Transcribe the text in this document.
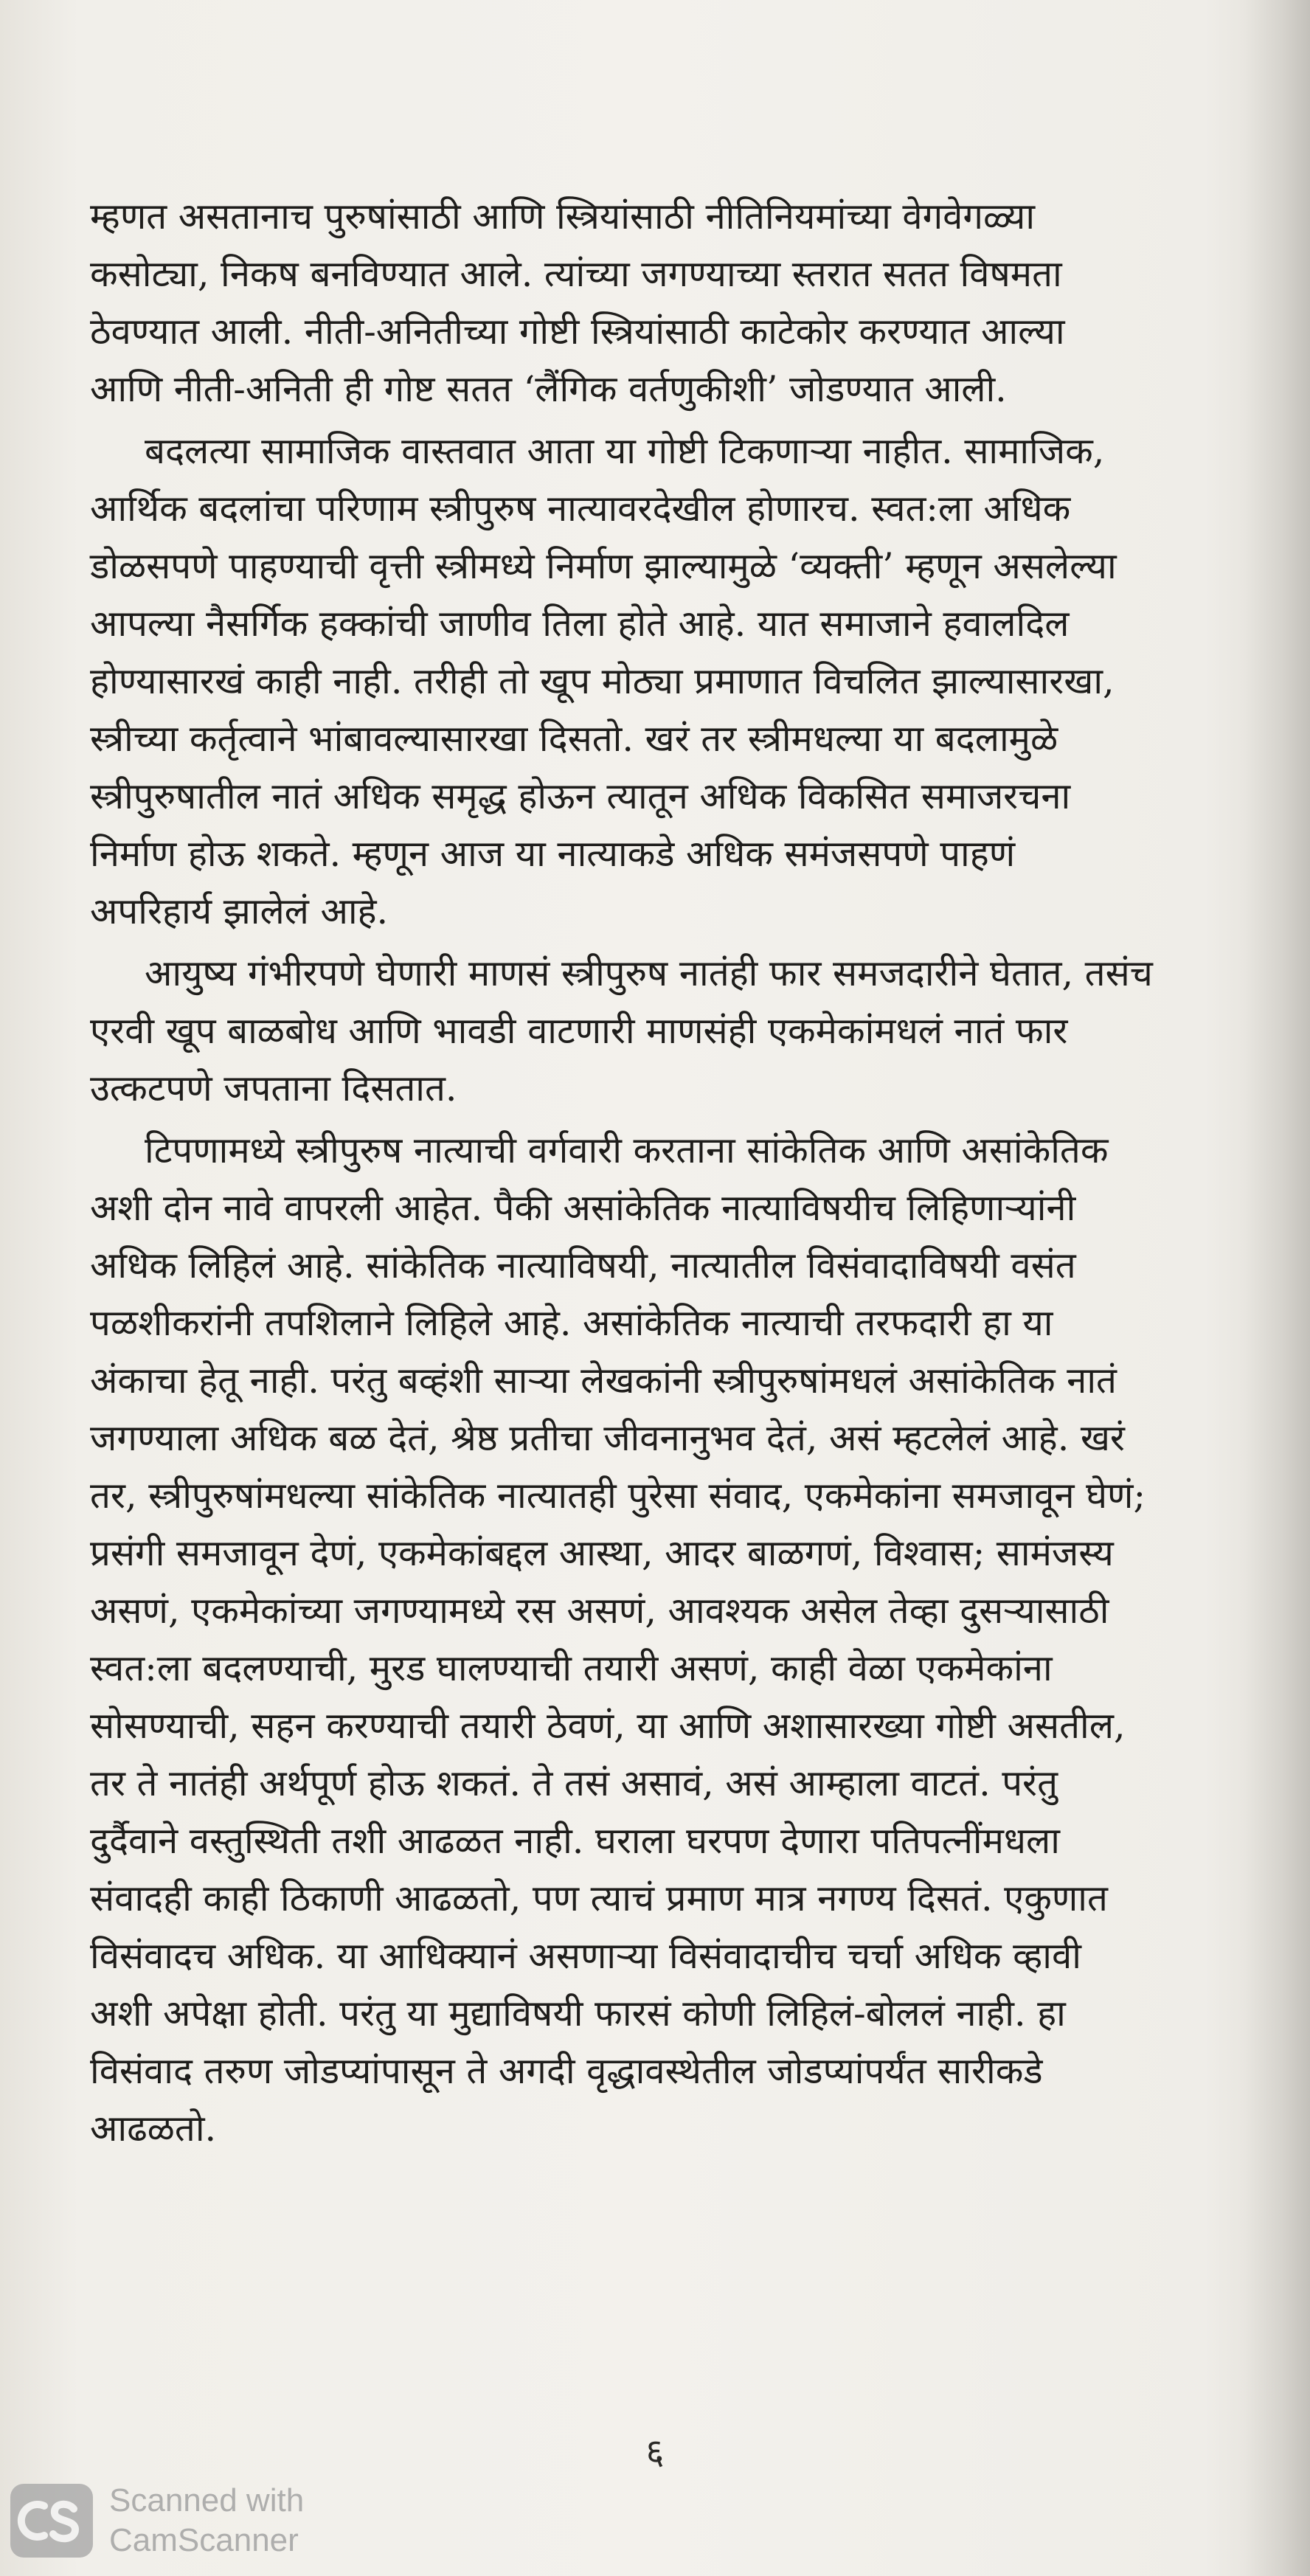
म्हणत असतानाच पुरुषांसाठी आणि स्त्रियांसाठी नीतिनियमांच्या वेगवेगळ्या
कसोट्या, निकष बनविण्यात आले. त्यांच्या जगण्याच्या स्तरात सतत विषमता
ठेवण्यात आली. नीती-अनितीच्या गोष्टी स्त्रियांसाठी काटेकोर करण्यात आल्या
आणि नीती-अनिती ही गोष्ट सतत ‘लैंगिक वर्तणुकीशी’ जोडण्यात आली.
बदलत्या सामाजिक वास्तवात आता या गोष्टी टिकणाऱ्या नाहीत. सामाजिक,
आर्थिक बदलांचा परिणाम स्त्रीपुरुष नात्यावरदेखील होणारच. स्वत:ला अधिक
डोळसपणे पाहण्याची वृत्ती स्त्रीमध्ये निर्माण झाल्यामुळे ‘व्यक्ती’ म्हणून असलेल्या
आपल्या नैसर्गिक हक्कांची जाणीव तिला होते आहे. यात समाजाने हवालदिल
होण्यासारखं काही नाही. तरीही तो खूप मोठ्या प्रमाणात विचलित झाल्यासारखा,
स्त्रीच्या कर्तृत्वाने भांबावल्यासारखा दिसतो. खरं तर स्त्रीमधल्या या बदलामुळे
स्त्रीपुरुषातील नातं अधिक समृद्ध होऊन त्यातून अधिक विकसित समाजरचना
निर्माण होऊ शकते. म्हणून आज या नात्याकडे अधिक समंजसपणे पाहणं
अपरिहार्य झालेलं आहे.
आयुष्य गंभीरपणे घेणारी माणसं स्त्रीपुरुष नातंही फार समजदारीने घेतात, तसंच
एरवी खूप बाळबोध आणि भावडी वाटणारी माणसंही एकमेकांमधलं नातं फार
उत्कटपणे जपताना दिसतात.
टिपणामध्ये स्त्रीपुरुष नात्याची वर्गवारी करताना सांकेतिक आणि असांकेतिक
अशी दोन नावे वापरली आहेत. पैकी असांकेतिक नात्याविषयीच लिहिणाऱ्यांनी
अधिक लिहिलं आहे. सांकेतिक नात्याविषयी, नात्यातील विसंवादाविषयी वसंत
पळशीकरांनी तपशिलाने लिहिले आहे. असांकेतिक नात्याची तरफदारी हा या
अंकाचा हेतू नाही. परंतु बव्हंशी साऱ्या लेखकांनी स्त्रीपुरुषांमधलं असांकेतिक नातं
जगण्याला अधिक बळ देतं, श्रेष्ठ प्रतीचा जीवनानुभव देतं, असं म्हटलेलं आहे. खरं
तर, स्त्रीपुरुषांमधल्या सांकेतिक नात्यातही पुरेसा संवाद, एकमेकांना समजावून घेणं;
प्रसंगी समजावून देणं, एकमेकांबद्दल आस्था, आदर बाळगणं, विश्वास; सामंजस्य
असणं, एकमेकांच्या जगण्यामध्ये रस असणं, आवश्यक असेल तेव्हा दुसऱ्यासाठी
स्वत:ला बदलण्याची, मुरड घालण्याची तयारी असणं, काही वेळा एकमेकांना
सोसण्याची, सहन करण्याची तयारी ठेवणं, या आणि अशासारख्या गोष्टी असतील,
तर ते नातंही अर्थपूर्ण होऊ शकतं. ते तसं असावं, असं आम्हाला वाटतं. परंतु
दुर्दैवाने वस्तुस्थिती तशी आढळत नाही. घराला घरपण देणारा पतिपत्नींमधला
संवादही काही ठिकाणी आढळतो, पण त्याचं प्रमाण मात्र नगण्य दिसतं. एकुणात
विसंवादच अधिक. या आधिक्यानं असणाऱ्या विसंवादाचीच चर्चा अधिक व्हावी
अशी अपेक्षा होती. परंतु या मुद्याविषयी फारसं कोणी लिहिलं-बोललं नाही. हा
विसंवाद तरुण जोडप्यांपासून ते अगदी वृद्धावस्थेतील जोडप्यांपर्यंत सारीकडे
आढळतो.
६
Scanned with
CamScanner
